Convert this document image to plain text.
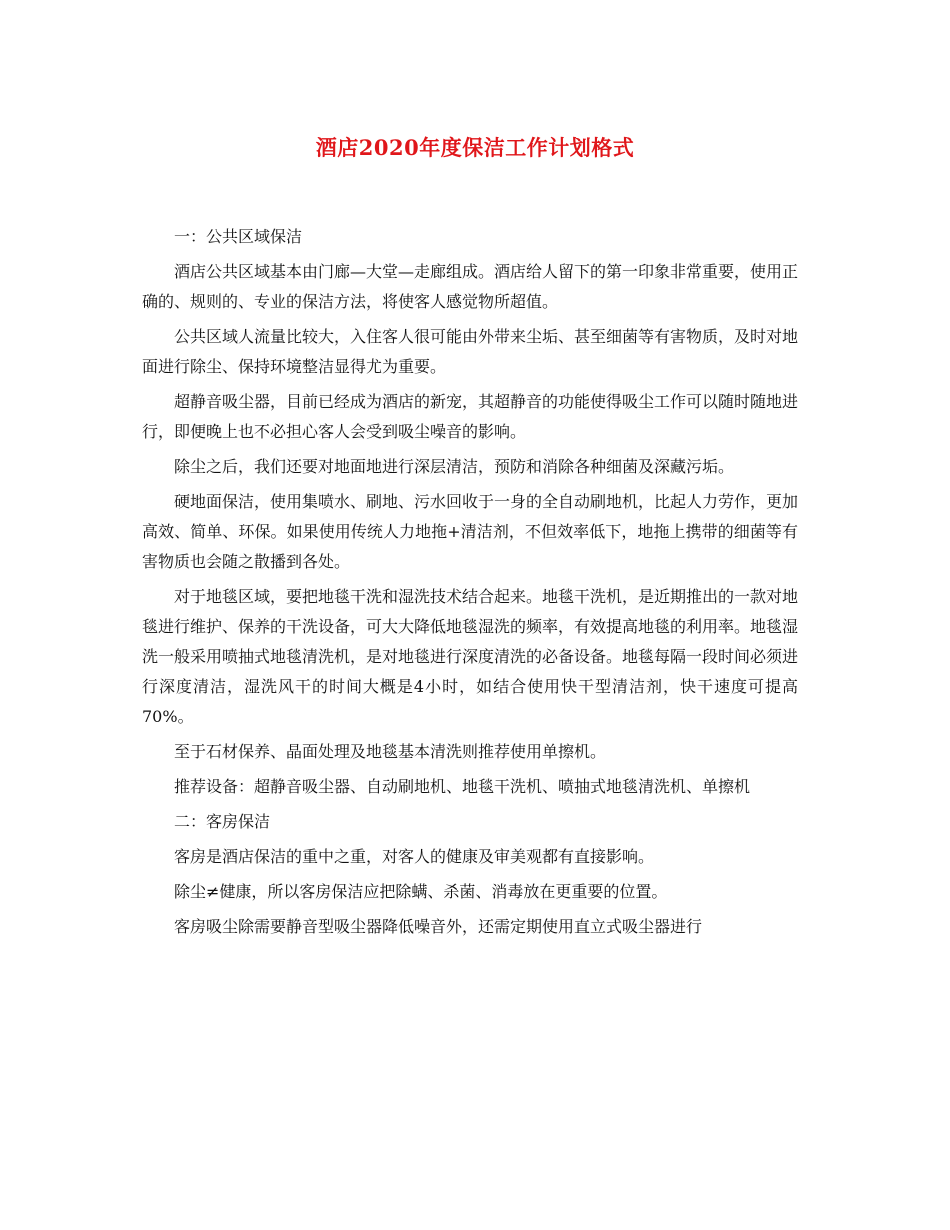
酒店2020年度保洁工作计划格式

一：公共区域保洁

酒店公共区域基本由门廊—大堂—走廊组成。酒店给人留下的第一印象非常重要，使用正确的、规则的、专业的保洁方法，将使客人感觉物所超值。

公共区域人流量比较大，入住客人很可能由外带来尘垢、甚至细菌等有害物质，及时对地面进行除尘、保持环境整洁显得尤为重要。

超静音吸尘器，目前已经成为酒店的新宠，其超静音的功能使得吸尘工作可以随时随地进行，即便晚上也不必担心客人会受到吸尘噪音的影响。

除尘之后，我们还要对地面地进行深层清洁，预防和消除各种细菌及深藏污垢。

硬地面保洁，使用集喷水、刷地、污水回收于一身的全自动刷地机，比起人力劳作，更加高效、简单、环保。如果使用传统人力地拖+清洁剂，不但效率低下，地拖上携带的细菌等有害物质也会随之散播到各处。

对于地毯区域，要把地毯干洗和湿洗技术结合起来。地毯干洗机，是近期推出的一款对地毯进行维护、保养的干洗设备，可大大降低地毯湿洗的频率，有效提高地毯的利用率。地毯湿洗一般采用喷抽式地毯清洗机，是对地毯进行深度清洗的必备设备。地毯每隔一段时间必须进行深度清洁，湿洗风干的时间大概是4小时，如结合使用快干型清洁剂，快干速度可提高70%。

至于石材保养、晶面处理及地毯基本清洗则推荐使用单擦机。

推荐设备：超静音吸尘器、自动刷地机、地毯干洗机、喷抽式地毯清洗机、单擦机

二：客房保洁

客房是酒店保洁的重中之重，对客人的健康及审美观都有直接影响。

除尘≠健康，所以客房保洁应把除螨、杀菌、消毒放在更重要的位置。

客房吸尘除需要静音型吸尘器降低噪音外，还需定期使用直立式吸尘器进行
